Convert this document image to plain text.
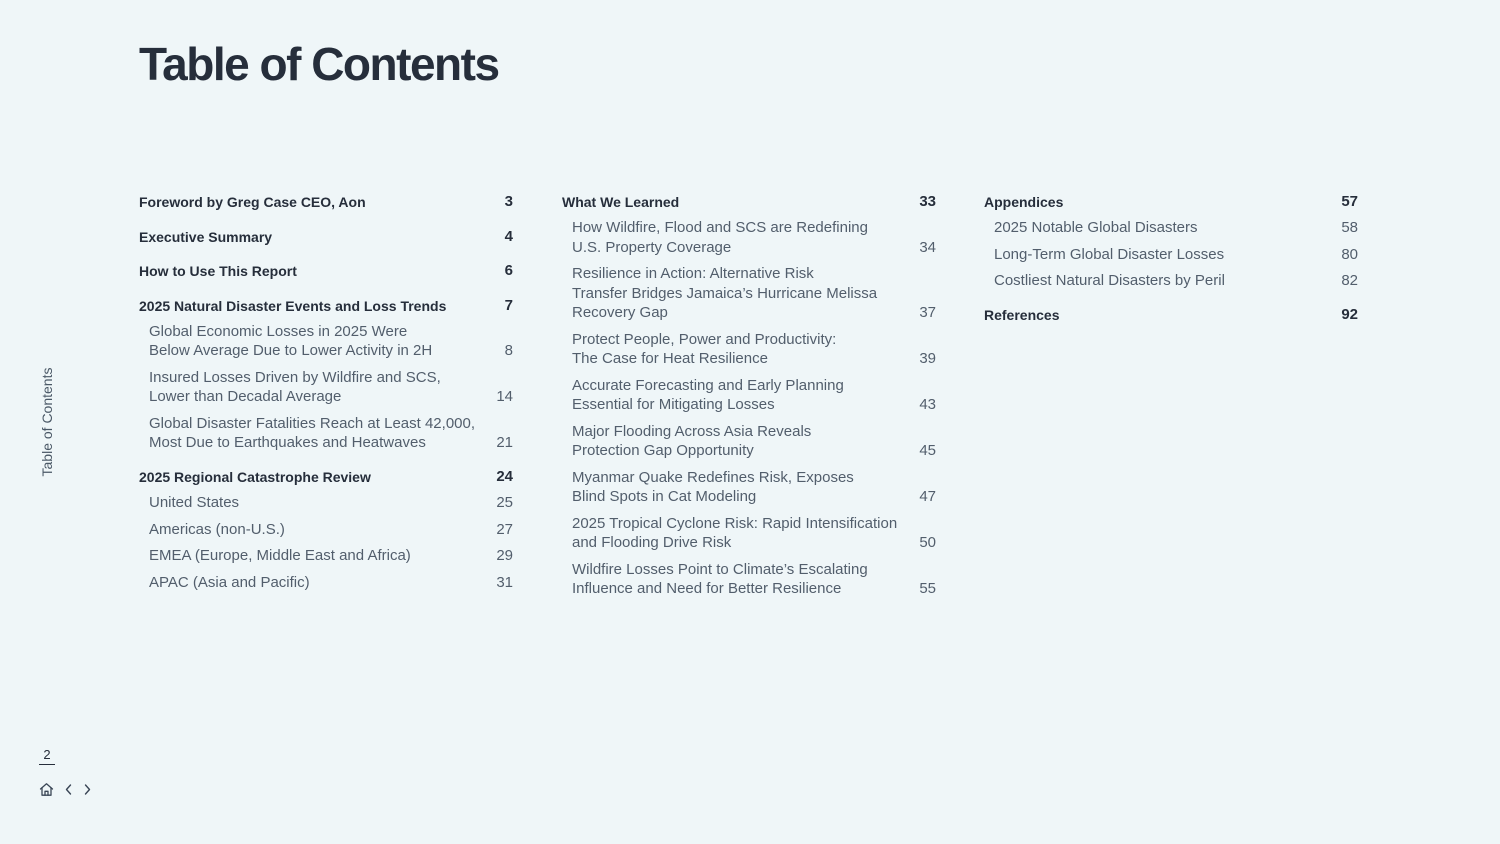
Table of Contents
Table of Contents
Foreword by Greg Case CEO, Aon	3
Executive Summary	4
How to Use This Report	6
2025 Natural Disaster Events and Loss Trends	7
Global Economic Losses in 2025 Were
Below Average Due to Lower Activity in 2H	8
Insured Losses Driven by Wildfire and SCS,
Lower than Decadal Average	14
Global Disaster Fatalities Reach at Least 42,000,
Most Due to Earthquakes and Heatwaves	21
2025 Regional Catastrophe Review	24
United States	25
Americas (non-U.S.)	27
EMEA (Europe, Middle East and Africa)	29
APAC (Asia and Pacific)	31
What We Learned	33
How Wildfire, Flood and SCS are Redefining
U.S. Property Coverage	34
Resilience in Action: Alternative Risk
Transfer Bridges Jamaica’s Hurricane Melissa
Recovery Gap	37
Protect People, Power and Productivity:
The Case for Heat Resilience	39
Accurate Forecasting and Early Planning
Essential for Mitigating Losses	43
Major Flooding Across Asia Reveals
Protection Gap Opportunity	45
Myanmar Quake Redefines Risk, Exposes
Blind Spots in Cat Modeling	47
2025 Tropical Cyclone Risk: Rapid Intensification
and Flooding Drive Risk	50
Wildfire Losses Point to Climate’s Escalating
Influence and Need for Better Resilience	55
Appendices	57
2025 Notable Global Disasters	58
Long-Term Global Disaster Losses	80
Costliest Natural Disasters by Peril	82
References	92
2
